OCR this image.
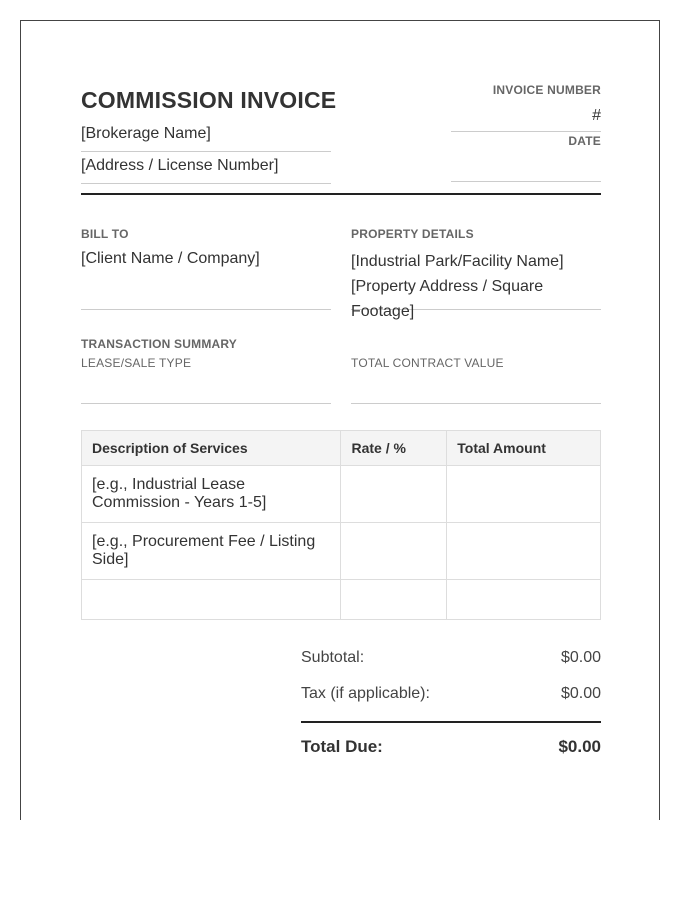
COMMISSION INVOICE
[Brokerage Name]
[Address / License Number]
INVOICE NUMBER
#
DATE
BILL TO
[Client Name / Company]
PROPERTY DETAILS
[Industrial Park/Facility Name]
[Property Address / Square Footage]
TRANSACTION SUMMARY
LEASE/SALE TYPE	TOTAL CONTRACT VALUE
Description of Services	Rate / %	Total Amount
[e.g., Industrial Lease Commission - Years 1-5]		
[e.g., Procurement Fee / Listing Side]		

Subtotal:	$0.00
Tax (if applicable):	$0.00
Total Due:	$0.00
